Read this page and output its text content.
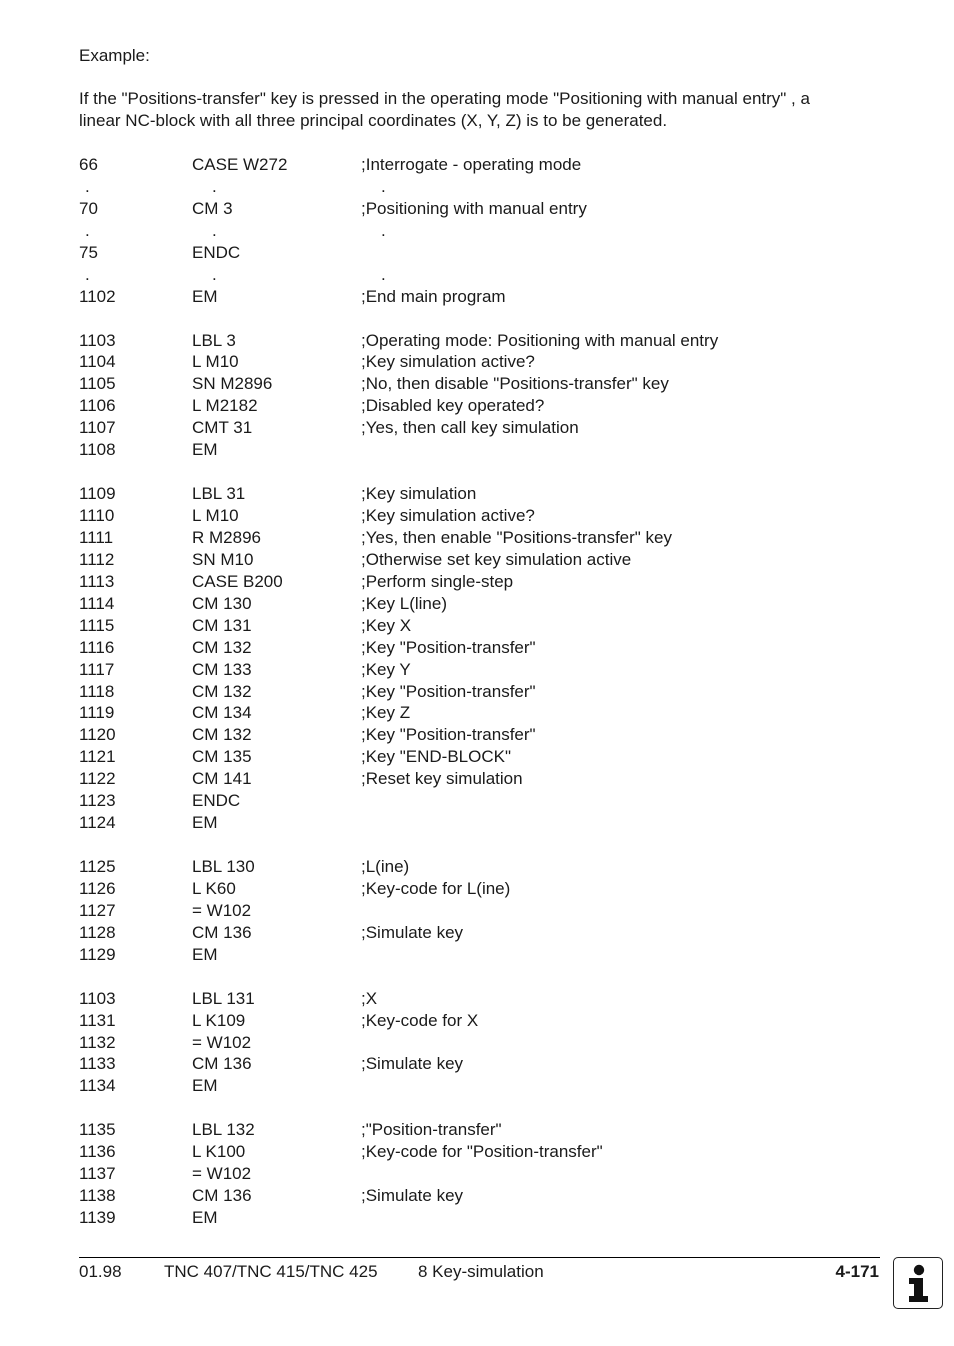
Example:

If the "Positions-transfer" key is pressed in the operating mode "Positioning with manual entry" , a

linear NC-block with all three principal coordinates (X, Y, Z) is to be generated.

66	CASE W272	;Interrogate - operating mode
.	.	.
70	CM 3	;Positioning with manual entry
.	.	.
75	ENDC
.	.	.
1102	EM	;End main program
1103	LBL 3	;Operating mode: Positioning with manual entry
1104	L M10	;Key simulation active?
1105	SN M2896	;No, then disable "Positions-transfer" key
1106	L M2182	;Disabled key operated?
1107	CMT 31	;Yes, then call key simulation
1108	EM
1109	LBL 31	;Key simulation
1110	L M10	;Key simulation active?
1111	R M2896	;Yes, then enable "Positions-transfer" key
1112	SN M10	;Otherwise set key simulation active
1113	CASE B200	;Perform single-step
1114	CM 130	;Key L(line)
1115	CM 131	;Key X
1116	CM 132	;Key "Position-transfer"
1117	CM 133	;Key Y
1118	CM 132	;Key "Position-transfer"
1119	CM 134	;Key Z
1120	CM 132	;Key "Position-transfer"
1121	CM 135	;Key "END-BLOCK"
1122	CM 141	;Reset key simulation
1123	ENDC
1124	EM
1125	LBL 130	;L(ine)
1126	L K60	;Key-code for L(ine)
1127	= W102
1128	CM 136	;Simulate key
1129	EM
1103	LBL 131	;X
1131	L K109	;Key-code for X
1132	= W102
1133	CM 136	;Simulate key
1134	EM
1135	LBL 132	;"Position-transfer"
1136	L K100	;Key-code for "Position-transfer"
1137	= W102
1138	CM 136	;Simulate key
1139	EM
01.98 TNC 407/TNC 415/TNC 425 8 Key-simulation	4-171
